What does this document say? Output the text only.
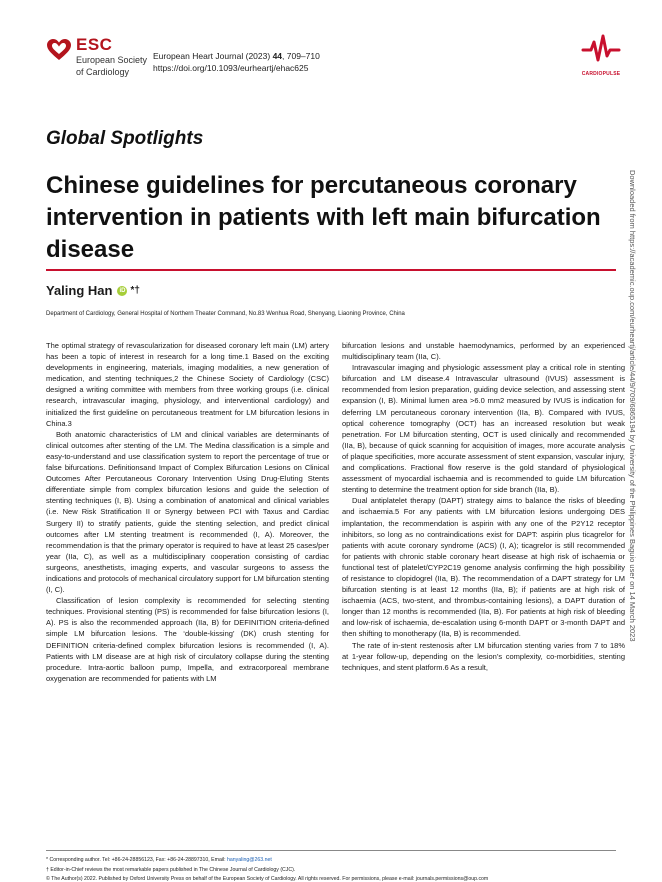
ESC
European Society
of Cardiology
European Heart Journal (2023) 44, 709–710
https://doi.org/10.1093/eurheartj/ehac625
CARDIOPULSE
Global Spotlights
Chinese guidelines for percutaneous coronary intervention in patients with left main bifurcation disease
Yaling Han	iD *†
Department of Cardiology, General Hospital of Northern Theater Command, No.83 Wenhua Road, Shenyang, Liaoning Province, China

The optimal strategy of revascularization for diseased coronary left main (LM) artery has been a topic of interest in research for a long time.1 Based on the exciting developments in engineering, materials, imaging modalities, a new generation of medication, and stenting techniques,2 the Chinese Society of Cardiology (CSC) designed a writing committee with members from three working groups (i.e. clinical research, intravascular imaging, physiology, and interventional cardiology) and initialized the first guideline on percutaneous treatment for LM bifurcation lesions in China.3

Both anatomic characteristics of LM and clinical variables are determinants of clinical outcomes after stenting of the LM. The Medina classification is a simple and easy-to-understand and use classification system to report the percentage of true or false bifurcations. Definitionsand Impact of Complex Bifurcation Lesions on Clinical Outcomes After Percutaneous Coronary Intervention Using Drug-Eluting Stents differentiate simple from complex bifurcation lesions and guide the selection of stenting techniques (I, B). Using a combination of anatomical and clinical variables (i.e. New Risk Stratification II or Synergy between PCI with Taxus and Cardiac Surgery II) to stratify patients, guide the stenting selection, and predict clinical outcomes after LM stenting treatment is recommended (I, A). Moreover, the recommendation is that the primary operator is required to have at least 25 cases/per year (IIa, C), as well as a multidisciplinary cooperation consisting of cardiac surgeons, anesthetists, imaging experts, and vascular surgeons to assess the indications and protocols of mechanical circulatory support for LM bifurcation stenting (I, C).

Classification of lesion complexity is recommended for selecting stenting techniques. Provisional stenting (PS) is recommended for false bifurcation lesions (I, A). PS is also the recommended approach (IIa, B) for DEFINITION criteria-defined simple LM bifurcation lesions. The ‘double-kissing’ (DK) crush stenting for DEFINITION criteria-defined complex bifurcation lesions is recommended (I, A). Patients with LM disease are at high risk of circulatory collapse during the stenting procedure. Intra-aortic balloon pump, Impella, and extracorporeal membrane oxygenation are recommended for patients with LM

bifurcation lesions and unstable haemodynamics, performed by an experienced multidisciplinary team (IIa, C).

Intravascular imaging and physiologic assessment play a critical role in stenting bifurcation and LM disease.4 Intravascular ultrasound (IVUS) assessment is recommended from lesion preparation, guiding device selection, and assessing stent expansion (I, B). Minimal lumen area >6.0 mm2 measured by IVUS is indication for deferring LM percutaneous coronary intervention (IIa, B). Compared with IVUS, optical coherence tomography (OCT) has an increased resolution but weak penetration. For LM bifurcation stenting, OCT is used clinically and recommended (IIa, B), because of quick scanning for acquisition of images, more accurate analysis of plaque specificities, more accurate assessment of stent expansion, vascular injury, and complications. Fractional flow reserve is the gold standard of physiological assessment of myocardial ischaemia and is recommended to guide LM bifurcation stenting to determine the treatment option for side branch (IIa, B).

Dual antiplatelet therapy (DAPT) strategy aims to balance the risks of bleeding and ischaemia.5 For any patients with LM bifurcation lesions undergoing DES implantation, the recommendation is aspirin with any one of the P2Y12 receptor inhibitors, so long as no contraindications exist for DAPT: aspirin plus ticagrelor for patients with acute coronary syndrome (ACS) (I, A); ticagrelor is still recommended for patients with chronic stable coronary heart disease at high risk of ischaemia or functional test of platelet/CYP2C19 genome analysis confirming the high possibility of resistance to clopidogrel (IIa, B). The recommendation of a DAPT strategy for LM bifurcation stenting is at least 12 months (IIa, B); if patients are at high risk of ischaemia (ACS, two-stent, and thrombus-containing lesions), a DAPT duration of longer than 12 months is recommended (IIa, B). For patients at high risk of bleeding and low-risk of ischaemia, de-escalation using 6-month DAPT or 3-month DAPT and then shifting to monotherapy (IIa, B) is recommended.

The rate of in-stent restenosis after LM bifurcation stenting varies from 7 to 18% at 1-year follow-up, depending on the lesion’s complexity, co-morbidities, stenting techniques, and stent platform.6 As a result,

Downloaded from https://academic.oup.com/eurheartj/article/44/9/709/6865194 by University of the Philippines Baguio user on 14 March 2023
* Corresponding author. Tel: +86-24-28856123, Fax: +86-24-28897310, Email: hanyaling@263.net
† Editor-in-Chief reviews the most remarkable papers published in The Chinese Journal of Cardiology (CJC).
© The Author(s) 2022. Published by Oxford University Press on behalf of the European Society of Cardiology. All rights reserved. For permissions, please e-mail: journals.permissions@oup.com
